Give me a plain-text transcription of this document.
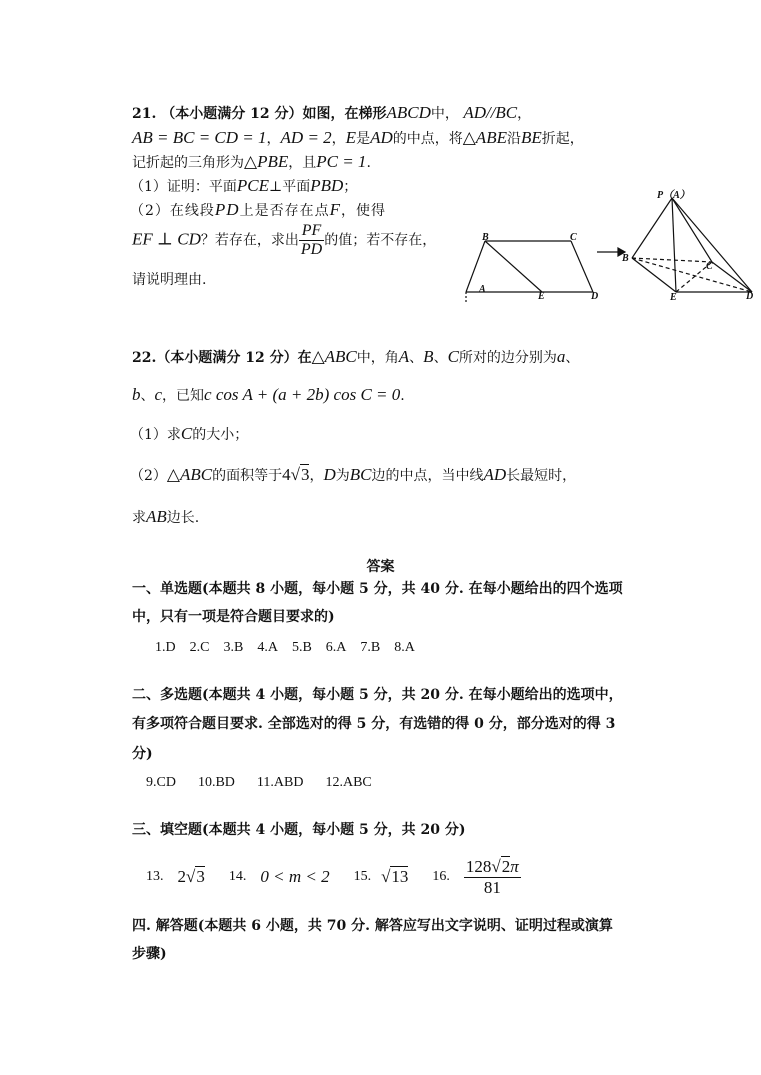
21. （本小题满分 12 分）如图，在梯形ABCD中， AD//BC，
AB = BC = CD = 1，AD = 2，E是AD的中点，将△ABE沿BE折起，
记折起的三角形为△PBE，且PC = 1.
（1）证明：平面PCE⊥平面PBD；
（2）在线段PD上是否存在点F，使得
EF ⊥ CD？若存在，求出 $\frac{PF}{PD}$ 的值；若不存在，
请说明理由.
B	C
A
E	D
P（A）
B
C
E	D
22.（本小题满分 12 分）在△ABC中，角A、B、C所对的边分别为a、
b、c，已知c cos A + (a + 2b) cos C = 0.
（1）求C的大小；
（2）△ABC的面积等于4√3，D为BC边的中点，当中线AD长最短时，
求AB边长.
答案
一、单选题(本题共 8 小题，每小题 5 分，共 40 分. 在每小题给出的四个选项
中，只有一项是符合题目要求的)
1.D 2.C 3.B 4.A 5.B 6.A 7.B 8.A
二、多选题(本题共 4 小题，每小题 5 分，共 20 分. 在每小题给出的选项中，
有多项符合题目要求. 全部选对的得 5 分，有选错的得 0 分，部分选对的得 3
分)
9.CD 10.BD 11.ABD 12.ABC
三、填空题(本题共 4 小题，每小题 5 分，共 20 分)
13. 2√3 14. 0 < m < 2 15. √13 16. $\frac{128√2\pi}{81}$
四. 解答题(本题共 6 小题，共 70 分. 解答应写出文字说明、证明过程或演算
步骤)
